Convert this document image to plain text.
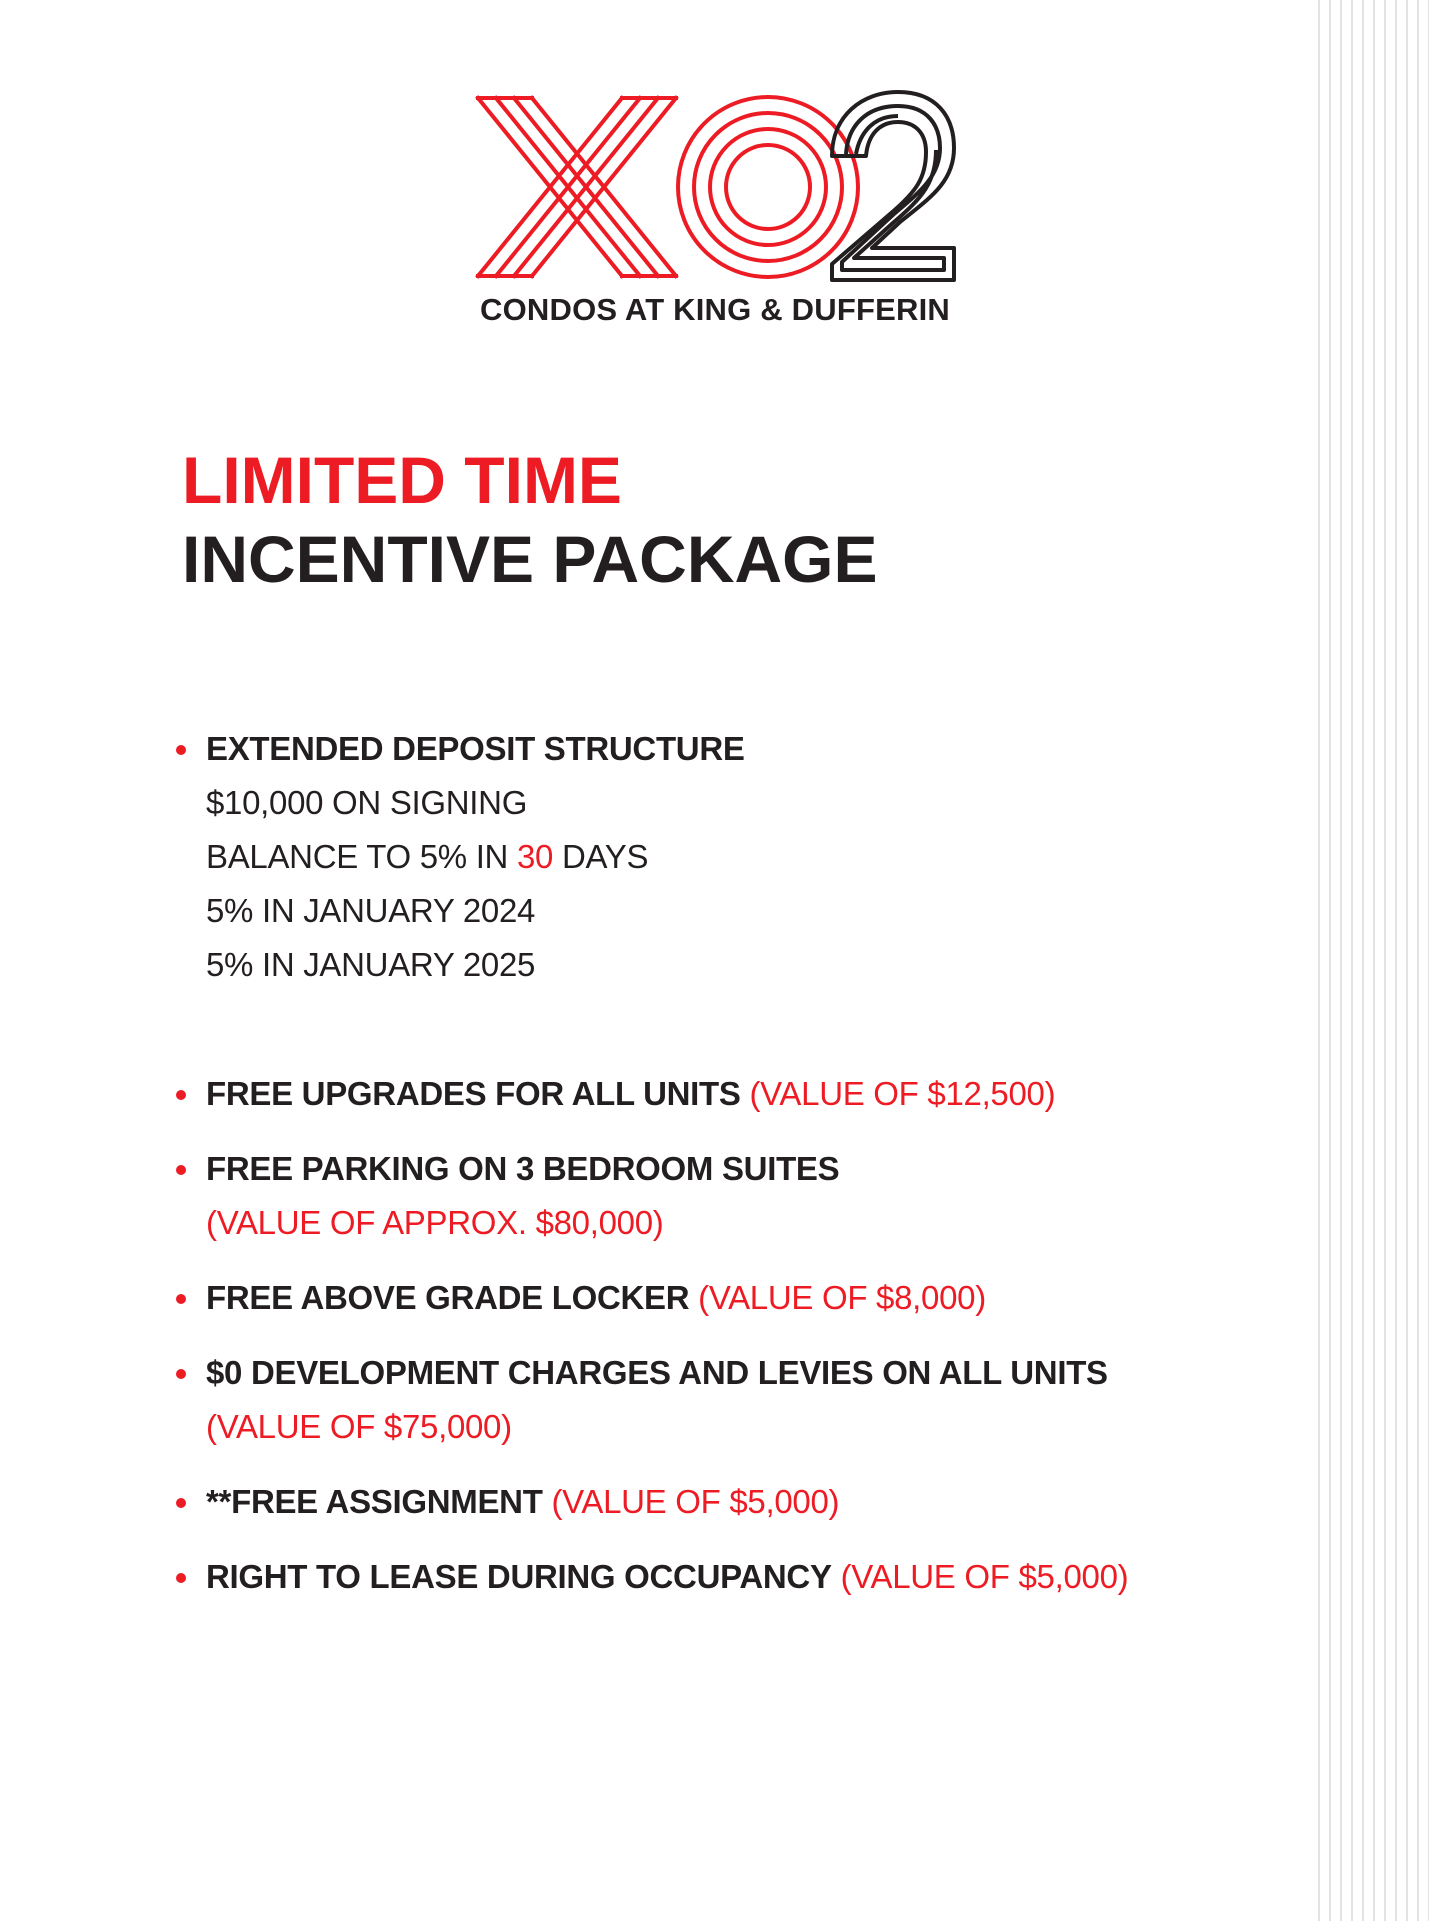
CONDOS AT KING & DUFFERIN
LIMITED TIME
INCENTIVE PACKAGE
EXTENDED DEPOSIT STRUCTURE
$10,000 ON SIGNING
BALANCE TO 5% IN 30 DAYS
5% IN JANUARY 2024
5% IN JANUARY 2025
FREE UPGRADES FOR ALL UNITS (VALUE OF $12,500)
FREE PARKING ON 3 BEDROOM SUITES
(VALUE OF APPROX. $80,000)
FREE ABOVE GRADE LOCKER (VALUE OF $8,000)
$0 DEVELOPMENT CHARGES AND LEVIES ON ALL UNITS
(VALUE OF $75,000)
**FREE ASSIGNMENT (VALUE OF $5,000)
RIGHT TO LEASE DURING OCCUPANCY (VALUE OF $5,000)
